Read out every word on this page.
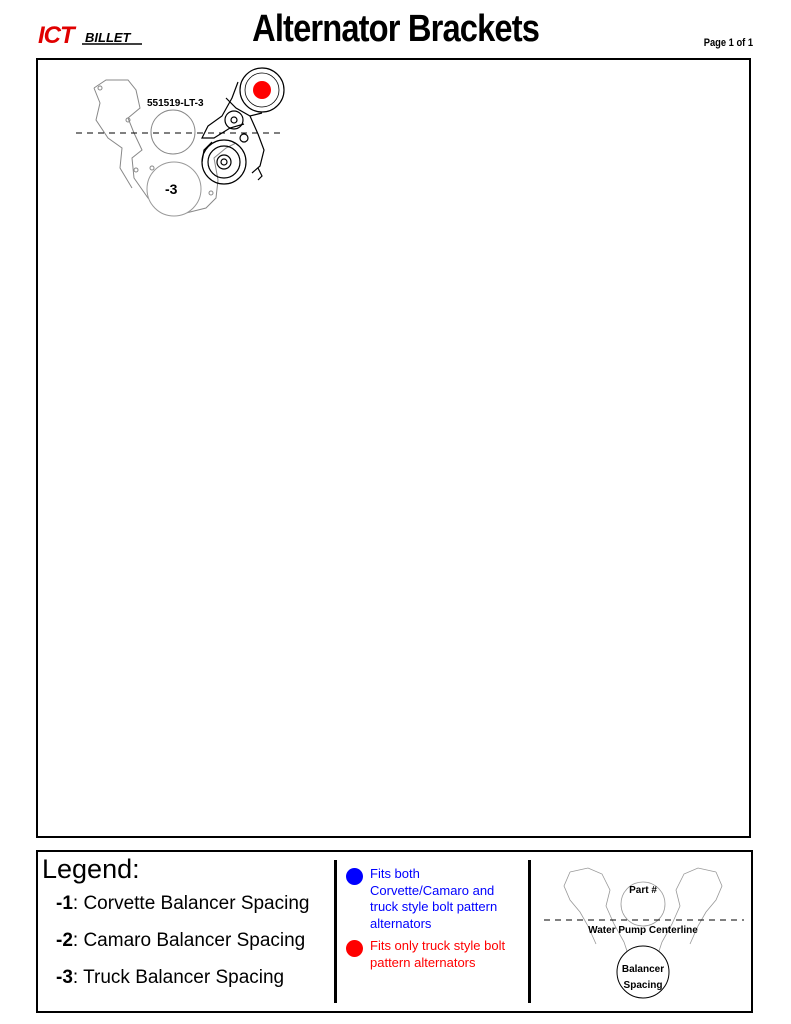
ICT BILLET	Alternator Brackets	Page 1 of 1
551519-LT-3
-3
Legend:
-1: Corvette Balancer Spacing
-2: Camaro Balancer Spacing
-3: Truck Balancer Spacing
Fits both Corvette/Camaro and truck style bolt pattern alternators
Fits only truck style bolt pattern alternators
Part #
Water Pump Centerline
Balancer
Spacing
